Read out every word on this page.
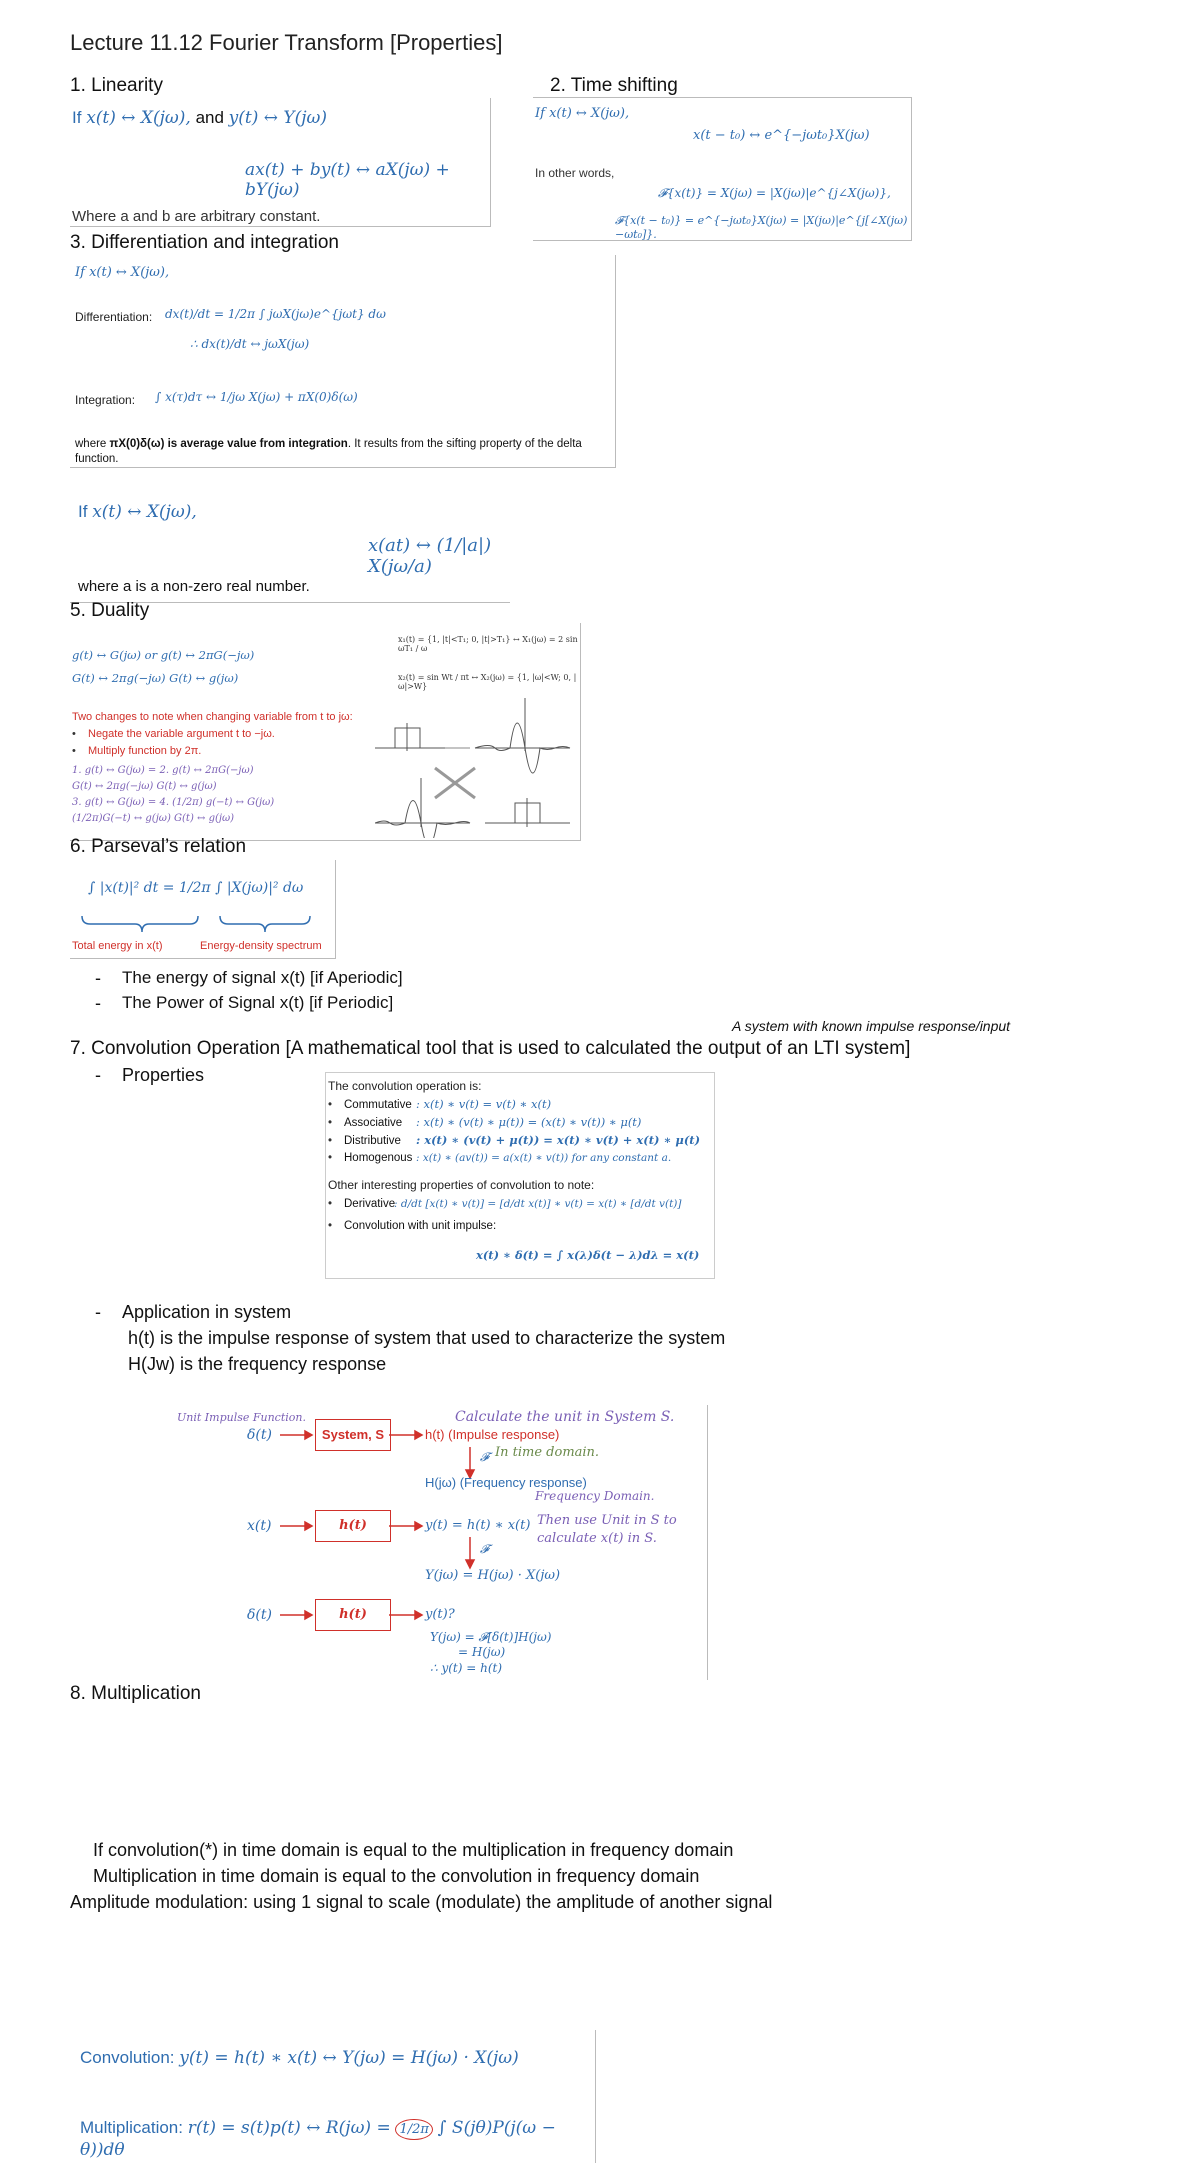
Lecture 11.12 Fourier Transform [Properties]
1. Linearity
If x(t) ↔ X(jω), and y(t) ↔ Y(jω)
ax(t) + by(t) ↔ aX(jω) + bY(jω)
Where a and b are arbitrary constant.
2. Time shifting
If x(t) ↔ X(jω),
x(t − t₀) ↔ e^{−jωt₀}X(jω)
In other words,
𝓕{x(t)} = X(jω) = |X(jω)|e^{j∠X(jω)},
𝓕{x(t − t₀)} = e^{−jωt₀}X(jω) = |X(jω)|e^{j[∠X(jω)−ωt₀]}.
3. Differentiation and integration
If x(t) ↔ X(jω),
Differentiation: dx(t)/dt = 1/2π ∫ jωX(jω)e^{jωt} dω
∴ dx(t)/dt ↔ jωX(jω)
Integration: ∫ x(τ)dτ ↔ 1/jω X(jω) + πX(0)δ(ω)
where πX(0)δ(ω) is average value from integration. It results from the sifting property of the delta function.
If x(t) ↔ X(jω),
x(at) ↔ (1/|a|) X(jω/a)
where a is a non-zero real number.
5. Duality
g(t) ↔ G(jω) or g(t) ↔ 2πG(−jω)
G(t) ↔ 2πg(−jω) G(t) ↔ g(jω)
x₁(t) = {1, |t|<T₁; 0, |t|>T₁} ↔ X₁(jω) = 2 sin ωT₁ / ω
x₂(t) = sin Wt / πt ↔ X₂(jω) = {1, |ω|<W; 0, |ω|>W}
Two changes to note when changing variable from t to jω:
• Negate the variable argument t to −jω.
• Multiply function by 2π.
1. g(t) ↔ G(jω) = 2. g(t) ↔ 2πG(−jω)
G(t) ↔ 2πg(−jω) G(t) ↔ g(jω)
3. g(t) ↔ G(jω) = 4. (1/2π) g(−t) ↔ G(jω)
(1/2π)G(−t) ↔ g(jω) G(t) ↔ g(jω)
6. Parseval’s relation
∫ |x(t)|² dt = 1/2π ∫ |X(jω)|² dω
Total energy in x(t)	Energy-density spectrum
- The energy of signal x(t) [if Aperiodic]
- The Power of Signal x(t) [if Periodic]
A system with known impulse response/input
7. Convolution Operation [A mathematical tool that is used to calculated the output of an LTI system]
- Properties
The convolution operation is:
• Commutative : x(t) ∗ v(t) = v(t) ∗ x(t)
• Associative : x(t) ∗ (v(t) ∗ μ(t)) = (x(t) ∗ v(t)) ∗ μ(t)
• Distributive : x(t) ∗ (v(t) + μ(t)) = x(t) ∗ v(t) + x(t) ∗ μ(t)
• Homogenous : x(t) ∗ (av(t)) = a(x(t) ∗ v(t)) for any constant a.
Other interesting properties of convolution to note:
• Derivative: d/dt [x(t) ∗ v(t)] = [d/dt x(t)] ∗ v(t) = x(t) ∗ [d/dt v(t)]
• Convolution with unit impulse:
x(t) ∗ δ(t) = ∫ x(λ)δ(t − λ)dλ = x(t)
- Application in system
h(t) is the impulse response of system that used to characterize the system
H(Jw) is the frequency response
Unit Impulse Function.	Calculate the unit in System S.
δ(t)	System, S	h(t) (Impulse response)
𝓕 In time domain.
H(jω) (Frequency response)
Frequency Domain.
x(t)	h(t)	y(t) = h(t) ∗ x(t) Then use Unit in S to
calculate x(t) in S.
𝓕
Y(jω) = H(jω) · X(jω)
δ(t)	h(t)	y(t)?
Y(jω) = 𝓕[δ(t)]H(jω)
= H(jω)
∴ y(t) = h(t)
8. Multiplication
If convolution(*) in time domain is equal to the multiplication in frequency domain
Multiplication in time domain is equal to the convolution in frequency domain
Amplitude modulation: using 1 signal to scale (modulate) the amplitude of another signal
Convolution: y(t) = h(t) ∗ x(t) ↔ Y(jω) = H(jω) · X(jω)
Multiplication: r(t) = s(t)p(t) ↔ R(jω) = 1/2π ∫ S(jθ)P(j(ω − θ))dθ
